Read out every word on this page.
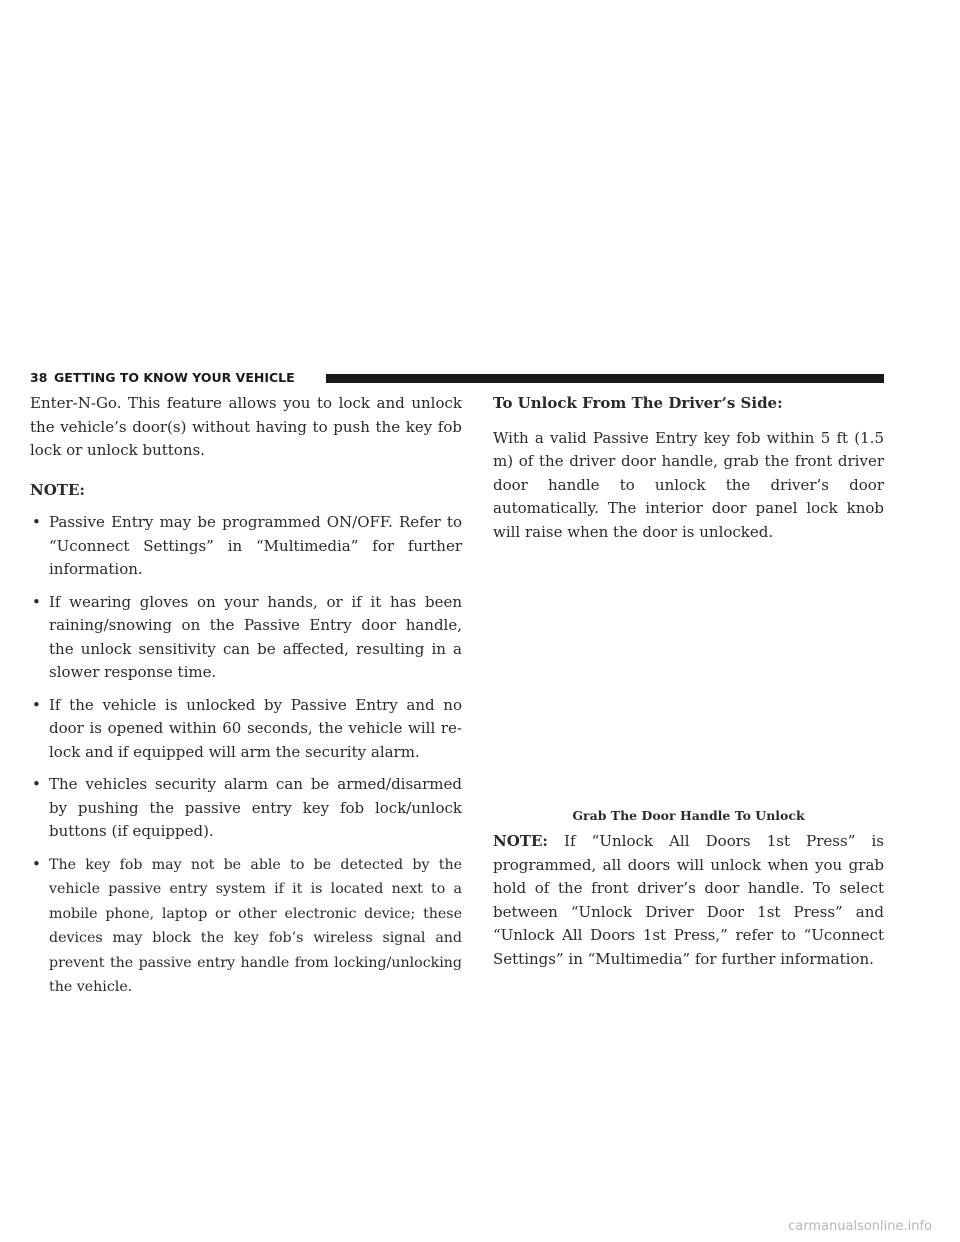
38 GETTING TO KNOW YOUR VEHICLE

Enter-N-Go. This feature allows you to lock and unlock the vehicle’s door(s) without having to push the key fob lock or unlock buttons.

NOTE:

• Passive Entry may be programmed ON/OFF. Refer to “Uconnect Settings” in “Multimedia” for further information.
• If wearing gloves on your hands, or if it has been raining/snowing on the Passive Entry door handle, the unlock sensitivity can be affected, resulting in a slower response time.
• If the vehicle is unlocked by Passive Entry and no door is opened within 60 seconds, the vehicle will re-lock and if equipped will arm the security alarm.
• The vehicles security alarm can be armed/disarmed by pushing the passive entry key fob lock/unlock buttons (if equipped).
• The key fob may not be able to be detected by the vehicle passive entry system if it is located next to a mobile phone, laptop or other electronic device; these devices may block the key fob’s wireless signal and prevent the passive entry handle from locking/unlocking the vehicle.

To Unlock From The Driver’s Side:

With a valid Passive Entry key fob within 5 ft (1.5 m) of the driver door handle, grab the front driver door handle to unlock the driver’s door automatically. The interior door panel lock knob will raise when the door is unlocked.

Grab The Door Handle To Unlock

NOTE: If “Unlock All Doors 1st Press” is programmed, all doors will unlock when you grab hold of the front driver’s door handle. To select between “Unlock Driver Door 1st Press” and “Unlock All Doors 1st Press,” refer to “Uconnect Settings” in “Multimedia” for further information.

carmanualsonline.info
